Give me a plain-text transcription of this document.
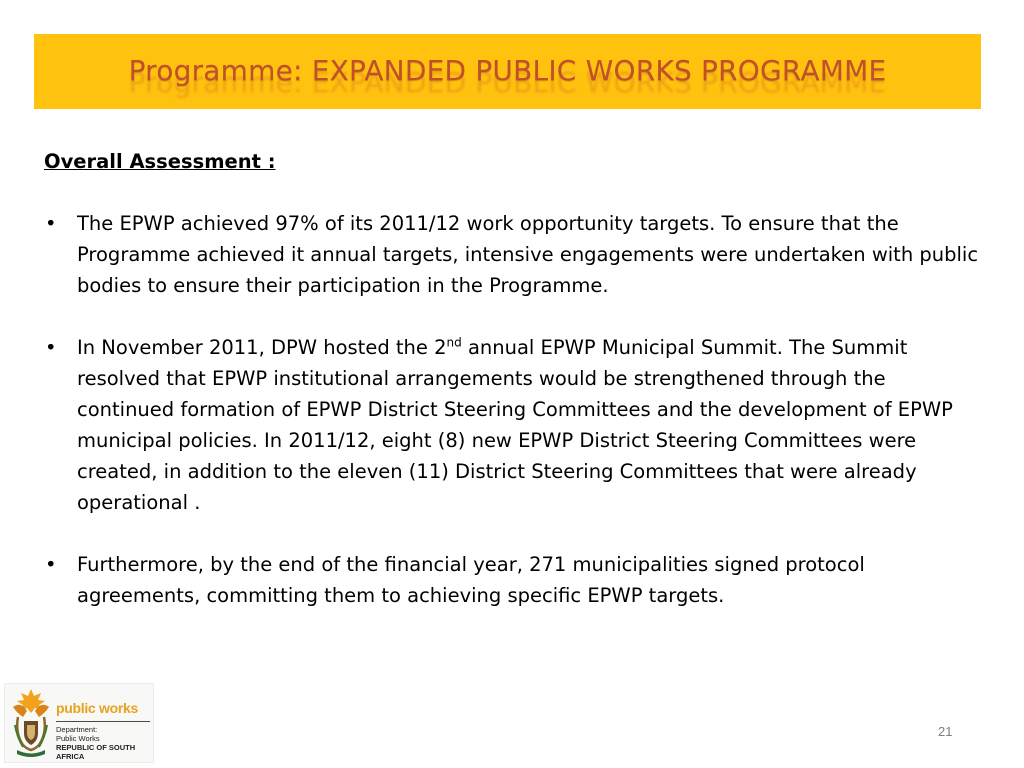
Programme: EXPANDED PUBLIC WORKS PROGRAMME
Overall Assessment :
• The EPWP achieved 97% of its 2011/12 work opportunity targets. To ensure that the Programme achieved it annual targets, intensive engagements were undertaken with public bodies to ensure their participation in the Programme.
• In November 2011, DPW hosted the 2nd annual EPWP Municipal Summit. The Summit resolved that EPWP institutional arrangements would be strengthened through the continued formation of EPWP District Steering Committees and the development of EPWP municipal policies. In 2011/12, eight (8) new EPWP District Steering Committees were created, in addition to the eleven (11) District Steering Committees that were already operational .
• Furthermore, by the end of the financial year, 271 municipalities signed protocol agreements, committing them to achieving specific EPWP targets.
public works
Department:
Public Works
REPUBLIC OF SOUTH AFRICA
21
